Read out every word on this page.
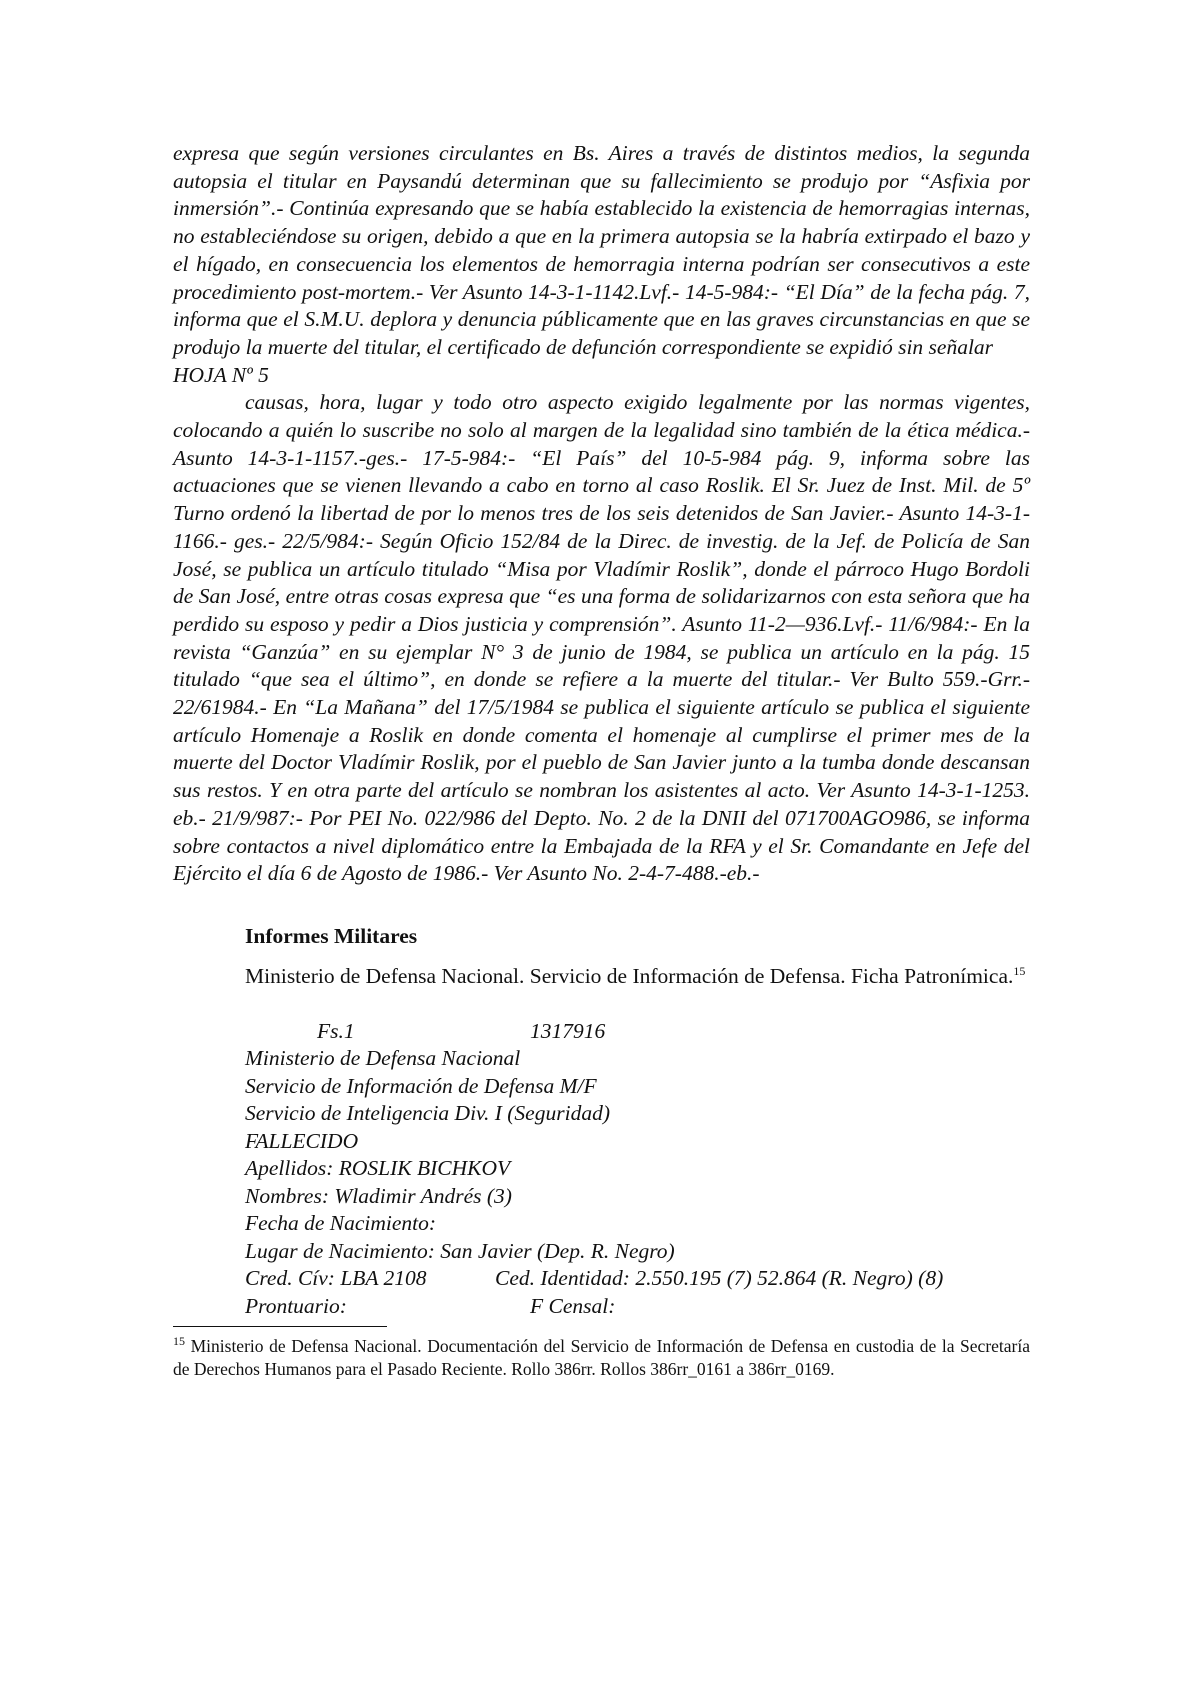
expresa que según versiones circulantes en Bs. Aires a través de distintos medios, la segunda autopsia el titular en Paysandú determinan que su fallecimiento se produjo por “Asfixia por inmersión”.- Continúa expresando que se había establecido la existencia de hemorragias internas, no estableciéndose su origen, debido a que en la primera autopsia se la habría extirpado el bazo y el hígado, en consecuencia los elementos de hemorragia interna podrían ser consecutivos a este procedimiento post-mortem.- Ver Asunto 14-3-1-1142.Lvf.- 14-5-984:- “El Día” de la fecha pág. 7, informa que el S.M.U. deplora y denuncia públicamente que en las graves circunstancias en que se produjo la muerte del titular, el certificado de defunción correspondiente se expidió sin señalar

HOJA Nº 5

causas, hora, lugar y todo otro aspecto exigido legalmente por las normas vigentes, colocando a quién lo suscribe no solo al margen de la legalidad sino también de la ética médica.- Asunto 14-3-1-1157.-ges.- 17-5-984:- “El País” del 10-5-984 pág. 9, informa sobre las actuaciones que se vienen llevando a cabo en torno al caso Roslik. El Sr. Juez de Inst. Mil. de 5º Turno ordenó la libertad de por lo menos tres de los seis detenidos de San Javier.- Asunto 14-3-1-1166.- ges.- 22/5/984:- Según Oficio 152/84 de la Direc. de investig. de la Jef. de Policía de San José, se publica un artículo titulado “Misa por Vladímir Roslik”, donde el párroco Hugo Bordoli de San José, entre otras cosas expresa que “es una forma de solidarizarnos con esta señora que ha perdido su esposo y pedir a Dios justicia y comprensión”. Asunto 11-2—936.Lvf.- 11/6/984:- En la revista “Ganzúa” en su ejemplar N° 3 de junio de 1984, se publica un artículo en la pág. 15 titulado “que sea el último”, en donde se refiere a la muerte del titular.- Ver Bulto 559.-Grr.- 22/61984.- En “La Mañana” del 17/5/1984 se publica el siguiente artículo se publica el siguiente artículo Homenaje a Roslik en donde comenta el homenaje al cumplirse el primer mes de la muerte del Doctor Vladímir Roslik, por el pueblo de San Javier junto a la tumba donde descansan sus restos. Y en otra parte del artículo se nombran los asistentes al acto. Ver Asunto 14-3-1-1253. eb.- 21/9/987:- Por PEI No. 022/986 del Depto. No. 2 de la DNII del 071700AGO986, se informa sobre contactos a nivel diplomático entre la Embajada de la RFA y el Sr. Comandante en Jefe del Ejército el día 6 de Agosto de 1986.- Ver Asunto No. 2-4-7-488.-eb.-

Informes Militares

Ministerio de Defensa Nacional. Servicio de Información de Defensa. Ficha Patronímica.$^{15}$

Fs.1	1317916
Ministerio de Defensa Nacional
Servicio de Información de Defensa M/F
Servicio de Inteligencia Div. I (Seguridad)
FALLECIDO
Apellidos: ROSLIK BICHKOV
Nombres: Wladimir Andrés (3)
Fecha de Nacimiento:
Lugar de Nacimiento: San Javier (Dep. R. Negro)
Cred. Cív: LBA 2108	Ced. Identidad: 2.550.195 (7) 52.864 (R. Negro) (8)
Prontuario:	F Censal:

$^{15}$ Ministerio de Defensa Nacional. Documentación del Servicio de Información de Defensa en custodia de la Secretaría de Derechos Humanos para el Pasado Reciente. Rollo 386rr. Rollos 386rr_0161 a 386rr_0169.
